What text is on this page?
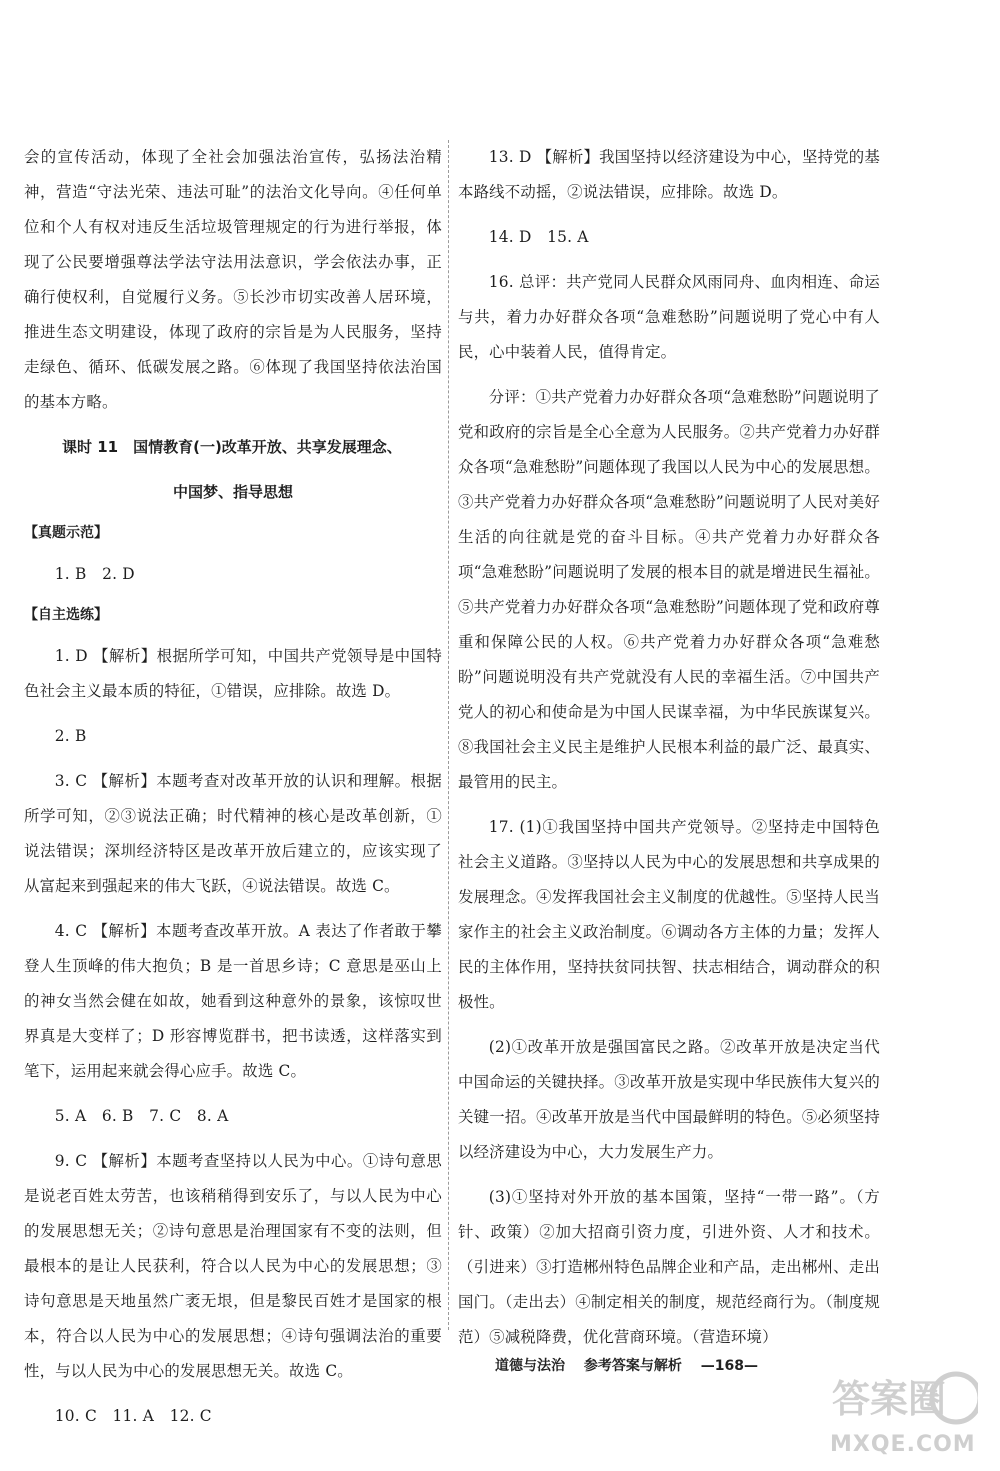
会的宣传活动，体现了全社会加强法治宣传，弘扬法治精神，营造“守法光荣、违法可耻”的法治文化导向。④任何单位和个人有权对违反生活垃圾管理规定的行为进行举报，体现了公民要增强尊法学法守法用法意识，学会依法办事，正确行使权利，自觉履行义务。⑤长沙市切实改善人居环境，推进生态文明建设，体现了政府的宗旨是为人民服务，坚持走绿色、循环、低碳发展之路。⑥体现了我国坚持依法治国的基本方略。

课时 11　国情教育(一)改革开放、共享发展理念、
中国梦、指导思想
【真题示范】

1. B　2. D

【自主选练】

1. D 【解析】根据所学可知，中国共产党领导是中国特色社会主义最本质的特征，①错误，应排除。故选 D。

2. B

3. C 【解析】本题考查对改革开放的认识和理解。根据所学可知，②③说法正确；时代精神的核心是改革创新，①说法错误；深圳经济特区是改革开放后建立的，应该实现了从富起来到强起来的伟大飞跃，④说法错误。故选 C。

4. C 【解析】本题考查改革开放。A 表达了作者敢于攀登人生顶峰的伟大抱负；B 是一首思乡诗；C 意思是巫山上的神女当然会健在如故，她看到这种意外的景象，该惊叹世界真是大变样了；D 形容博览群书，把书读透，这样落实到笔下，运用起来就会得心应手。故选 C。

5. A　6. B　7. C　8. A

9. C 【解析】本题考查坚持以人民为中心。①诗句意思是说老百姓太劳苦，也该稍稍得到安乐了，与以人民为中心的发展思想无关；②诗句意思是治理国家有不变的法则，但最根本的是让人民获利，符合以人民为中心的发展思想；③诗句意思是天地虽然广袤无垠，但是黎民百姓才是国家的根本，符合以人民为中心的发展思想；④诗句强调法治的重要性，与以人民为中心的发展思想无关。故选 C。

10. C　11. A　12. C

13. D 【解析】我国坚持以经济建设为中心，坚持党的基本路线不动摇，②说法错误，应排除。故选 D。

14. D　15. A

16. 总评：共产党同人民群众风雨同舟、血肉相连、命运与共，着力办好群众各项“急难愁盼”问题说明了党心中有人民，心中装着人民，值得肯定。

分评：①共产党着力办好群众各项“急难愁盼”问题说明了党和政府的宗旨是全心全意为人民服务。②共产党着力办好群众各项“急难愁盼”问题体现了我国以人民为中心的发展思想。③共产党着力办好群众各项“急难愁盼”问题说明了人民对美好生活的向往就是党的奋斗目标。④共产党着力办好群众各项“急难愁盼”问题说明了发展的根本目的就是增进民生福祉。⑤共产党着力办好群众各项“急难愁盼”问题体现了党和政府尊重和保障公民的人权。⑥共产党着力办好群众各项“急难愁盼”问题说明没有共产党就没有人民的幸福生活。⑦中国共产党人的初心和使命是为中国人民谋幸福，为中华民族谋复兴。⑧我国社会主义民主是维护人民根本利益的最广泛、最真实、最管用的民主。

17. (1)①我国坚持中国共产党领导。②坚持走中国特色社会主义道路。③坚持以人民为中心的发展思想和共享成果的发展理念。④发挥我国社会主义制度的优越性。⑤坚持人民当家作主的社会主义政治制度。⑥调动各方主体的力量；发挥人民的主体作用，坚持扶贫同扶智、扶志相结合，调动群众的积极性。

(2)①改革开放是强国富民之路。②改革开放是决定当代中国命运的关键抉择。③改革开放是实现中华民族伟大复兴的关键一招。④改革开放是当代中国最鲜明的特色。⑤必须坚持以经济建设为中心，大力发展生产力。

(3)①坚持对外开放的基本国策，坚持“一带一路”。（方针、政策）②加大招商引资力度，引进外资、人才和技术。（引进来）③打造郴州特色品牌企业和产品，走出郴州、走出国门。（走出去）④制定相关的制度，规范经商行为。（制度规范）⑤减税降费，优化营商环境。（营造环境）

道德与法治 参考答案与解析 —168—
答案圈
MXQE.COM
